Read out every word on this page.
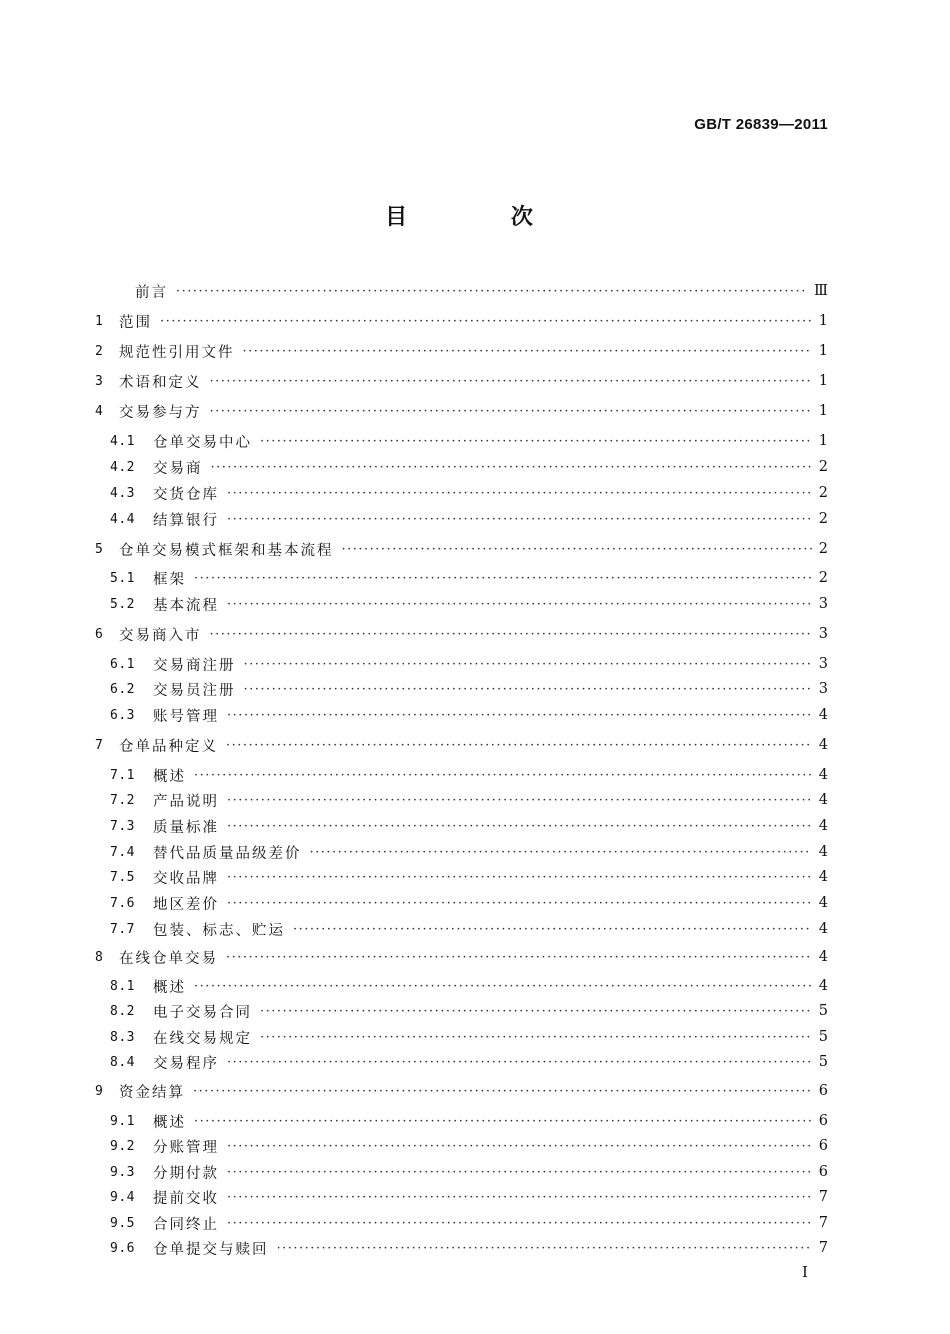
GB/T 26839—2011
目 次
前言 ·····	Ⅲ
1	范围 ·····	1
2	规范性引用文件 ·····	1
3	术语和定义 ·····	1
4	交易参与方 ·····	1
4.1	仓单交易中心 ·····	1
4.2	交易商 ·····	2
4.3	交货仓库 ·····	2
4.4	结算银行 ·····	2
5	仓单交易模式框架和基本流程 ·····	2
5.1	框架 ·····	2
5.2	基本流程 ·····	3
6	交易商入市 ·····	3
6.1	交易商注册 ·····	3
6.2	交易员注册 ·····	3
6.3	账号管理 ·····	4
7	仓单品种定义 ·····	4
7.1	概述 ·····	4
7.2	产品说明 ·····	4
7.3	质量标准 ·····	4
7.4	替代品质量品级差价 ·····	4
7.5	交收品牌 ·····	4
7.6	地区差价 ·····	4
7.7	包装、标志、贮运 ·····	4
8	在线仓单交易 ·····	4
8.1	概述 ·····	4
8.2	电子交易合同 ·····	5
8.3	在线交易规定 ·····	5
8.4	交易程序 ·····	5
9	资金结算 ·····	6
9.1	概述 ·····	6
9.2	分账管理 ·····	6
9.3	分期付款 ·····	6
9.4	提前交收 ·····	7
9.5	合同终止 ·····	7
9.6	仓单提交与赎回 ·····	7
I
